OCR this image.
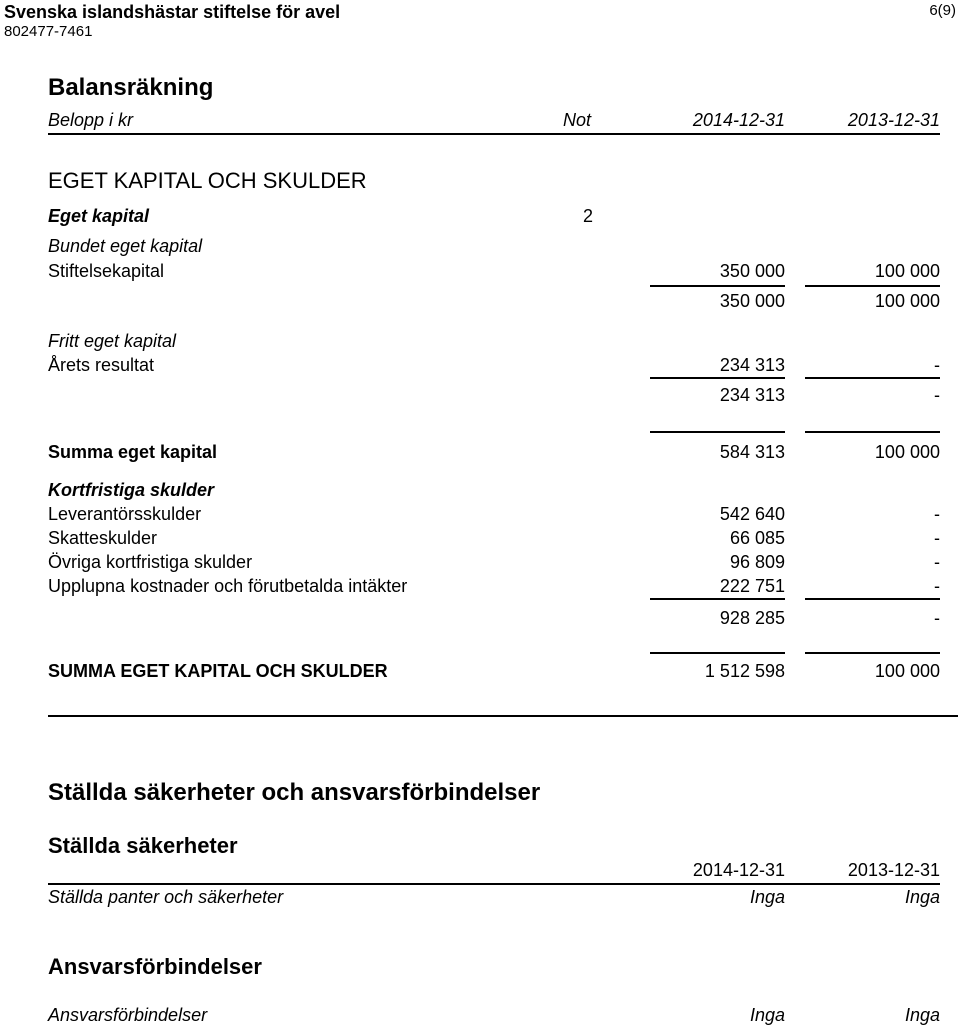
Svenska islandshästar stiftelse för avel
802477-7461
6(9)
Balansräkning
Belopp i kr	Not	2014-12-31	2013-12-31
EGET KAPITAL OCH SKULDER
Eget kapital	2
Bundet eget kapital
Stiftelsekapital	350 000	100 000
350 000	100 000
Fritt eget kapital
Årets resultat	234 313	-
234 313	-
Summa eget kapital	584 313	100 000
Kortfristiga skulder
Leverantörsskulder	542 640	-
Skatteskulder	66 085	-
Övriga kortfristiga skulder	96 809	-
Upplupna kostnader och förutbetalda intäkter	222 751	-
928 285	-
SUMMA EGET KAPITAL OCH SKULDER	1 512 598	100 000
Ställda säkerheter och ansvarsförbindelser
Ställda säkerheter
2014-12-31	2013-12-31
Ställda panter och säkerheter	Inga	Inga
Ansvarsförbindelser
Ansvarsförbindelser	Inga	Inga
